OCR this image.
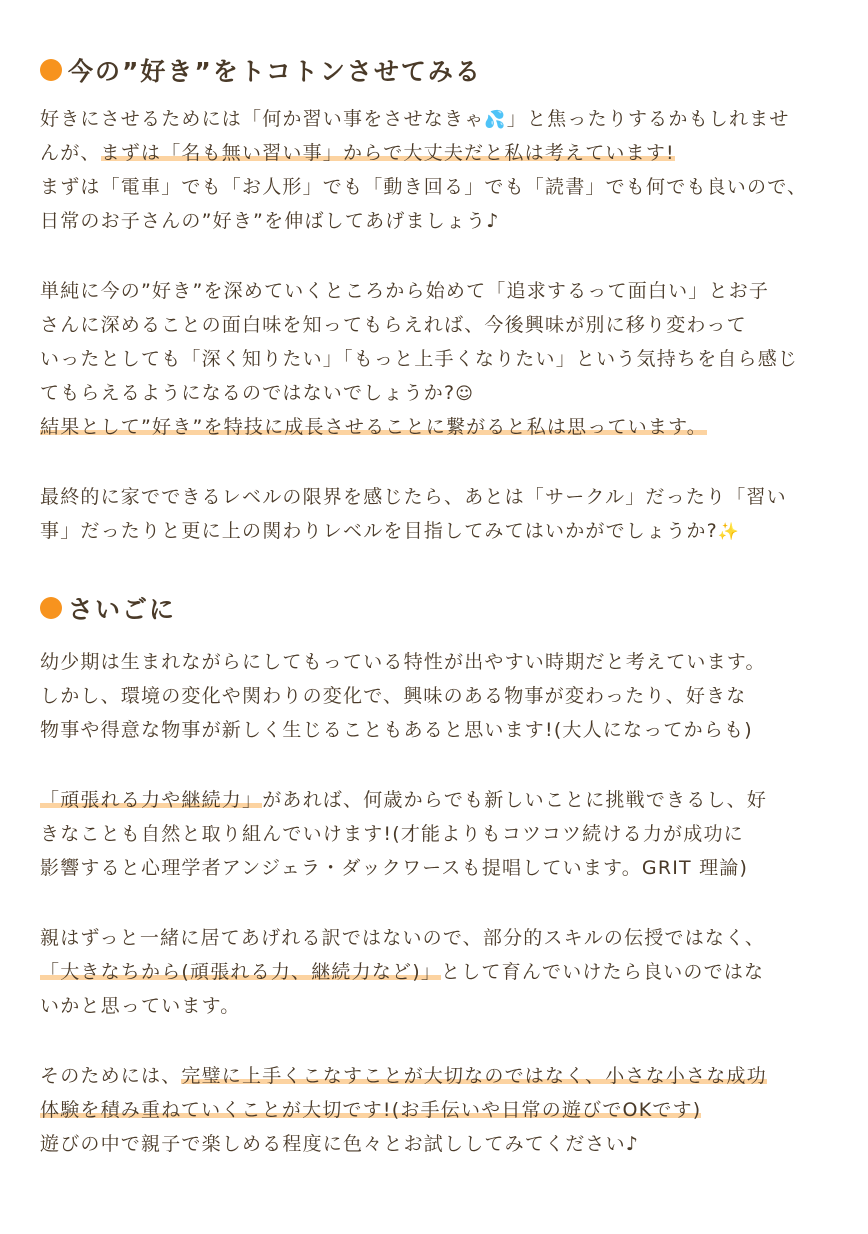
今の”好き”をトコトンさせてみる
好きにさせるためには「何か習い事をさせなきゃ💦」と焦ったりするかもしれませ
んが、まずは「名も無い習い事」からで大丈夫だと私は考えています!
まずは「電車」でも「お人形」でも「動き回る」でも「読書」でも何でも良いので、
日常のお子さんの”好き”を伸ばしてあげましょう♪
単純に今の”好き”を深めていくところから始めて「追求するって面白い」とお子
さんに深めることの面白味を知ってもらえれば、今後興味が別に移り変わって
いったとしても「深く知りたい」「もっと上手くなりたい」という気持ちを自ら感じ
てもらえるようになるのではないでしょうか?☺
結果として”好き”を特技に成長させることに繋がると私は思っています。
最終的に家でできるレベルの限界を感じたら、あとは「サークル」だったり「習い
事」だったりと更に上の関わりレベルを目指してみてはいかがでしょうか?✨
さいごに
幼少期は生まれながらにしてもっている特性が出やすい時期だと考えています。
しかし、環境の変化や関わりの変化で、興味のある物事が変わったり、好きな
物事や得意な物事が新しく生じることもあると思います!(大人になってからも)
「頑張れる力や継続力」があれば、何歳からでも新しいことに挑戦できるし、好
きなことも自然と取り組んでいけます!(才能よりもコツコツ続ける力が成功に
影響すると心理学者アンジェラ・ダックワースも提唱しています。GRIT 理論)
親はずっと一緒に居てあげれる訳ではないので、部分的スキルの伝授ではなく、
「大きなちから(頑張れる力、継続力など)」として育んでいけたら良いのではな
いかと思っています。
そのためには、完璧に上手くこなすことが大切なのではなく、小さな小さな成功
体験を積み重ねていくことが大切です!(お手伝いや日常の遊びでOKです)
遊びの中で親子で楽しめる程度に色々とお試ししてみてください♪
